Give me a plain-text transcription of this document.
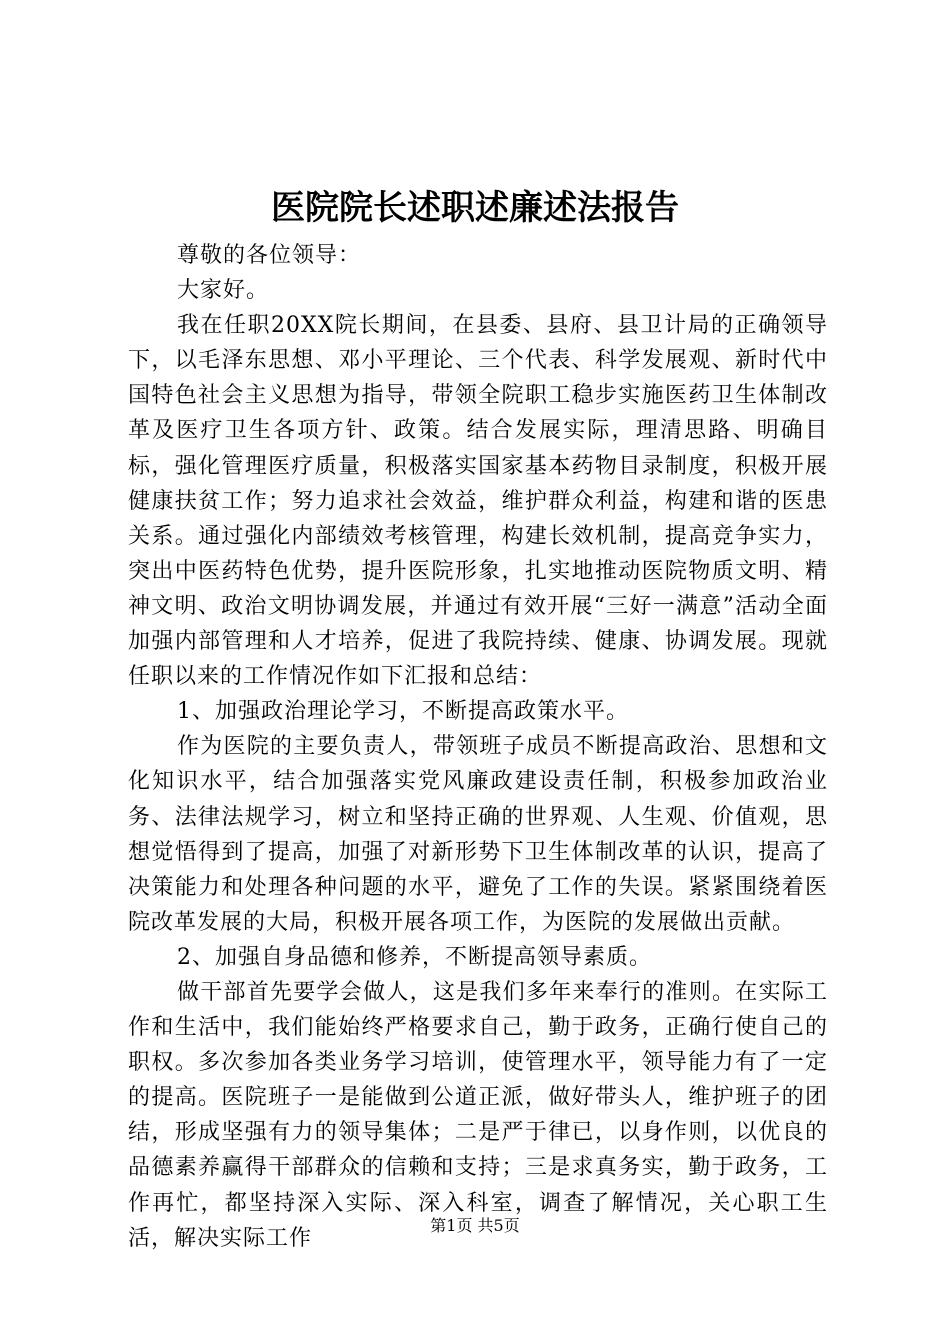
医院院长述职述廉述法报告

尊敬的各位领导：

大家好。

我在任职20XX院长期间，在县委、县府、县卫计局的正确领导下，以毛泽东思想、邓小平理论、三个代表、科学发展观、新时代中国特色社会主义思想为指导，带领全院职工稳步实施医药卫生体制改革及医疗卫生各项方针、政策。结合发展实际，理清思路、明确目标，强化管理医疗质量，积极落实国家基本药物目录制度，积极开展健康扶贫工作；努力追求社会效益，维护群众利益，构建和谐的医患关系。通过强化内部绩效考核管理，构建长效机制，提高竞争实力，突出中医药特色优势，提升医院形象，扎实地推动医院物质文明、精神文明、政治文明协调发展，并通过有效开展“三好一满意”活动全面加强内部管理和人才培养，促进了我院持续、健康、协调发展。现就任职以来的工作情况作如下汇报和总结：

1、加强政治理论学习，不断提高政策水平。

作为医院的主要负责人，带领班子成员不断提高政治、思想和文化知识水平，结合加强落实党风廉政建设责任制，积极参加政治业务、法律法规学习，树立和坚持正确的世界观、人生观、价值观，思想觉悟得到了提高，加强了对新形势下卫生体制改革的认识，提高了决策能力和处理各种问题的水平，避免了工作的失误。紧紧围绕着医院改革发展的大局，积极开展各项工作，为医院的发展做出贡献。

2、加强自身品德和修养，不断提高领导素质。

做干部首先要学会做人，这是我们多年来奉行的准则。在实际工作和生活中，我们能始终严格要求自己，勤于政务，正确行使自己的职权。多次参加各类业务学习培训，使管理水平，领导能力有了一定的提高。医院班子一是能做到公道正派，做好带头人，维护班子的团结，形成坚强有力的领导集体；二是严于律已，以身作则，以优良的品德素养赢得干部群众的信赖和支持；三是求真务实，勤于政务，工作再忙，都坚持深入实际、深入科室，调查了解情况，关心职工生活，解决实际工作

第1页 共5页
